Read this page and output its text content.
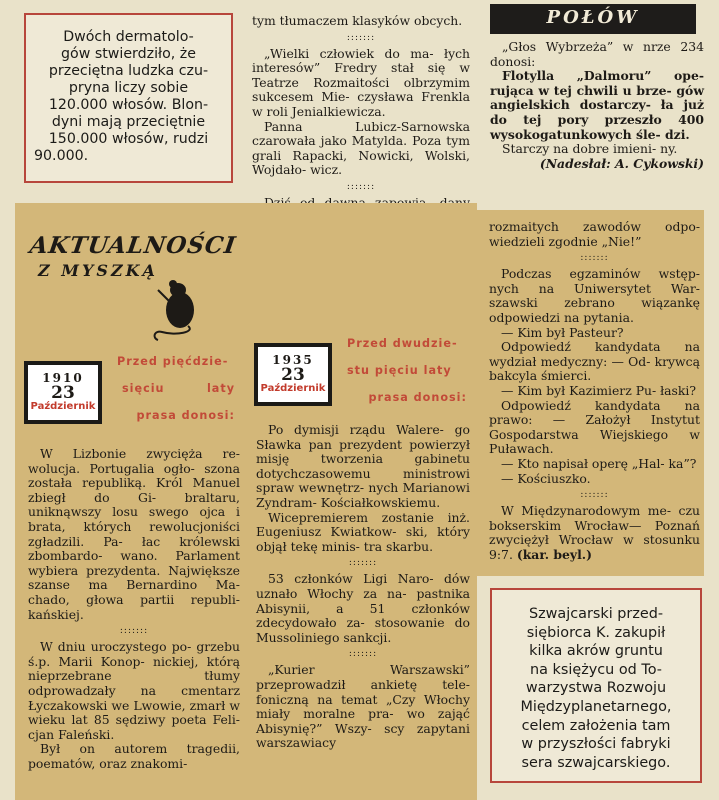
Dwóch dermatolo-
gów stwierdziło, że
przeciętna ludzka czu-
pryna liczy sobie
120.000 włosów. Blon-
dyni mają przeciętnie
150.000 włosów, rudzi
90.000.

tym tłumaczem klasyków obcych.

:::::::

„Wielki człowiek do ma- łych interesów” Fredry stał się w Teatrze Rozmaitości olbrzymim sukcesem Mie- czysława Frenkla w roli Jenialkiewicza.

Panna Lubicz-Sarnowska czarowała jako Matylda. Poza tym grali Rapacki, Nowicki, Wolski, Wojdało- wicz.

:::::::

POŁÓW

„Głos Wybrzeża” w nrze 234 donosi:

Flotylla „Dalmoru” ope- rująca w tej chwili u brze- gów angielskich dostarczy- ła już do tej pory przeszło 400 wysokogatunkowych śle- dzi.

Starczy na dobre imieni- ny.

(Nadesłał: A. Cykowski)

AKTUALNOŚCI
Z MYSZKĄ
1910
23
Październik
Przed pięćdzie-
sięciu laty
prasa donosi:
1935
23
Październik
Przed dwudzie-
stu pięciu laty
prasa donosi:

W Lizbonie zwycięża re- wolucja. Portugalia ogło- szona została republiką. Król Manuel zbiegł do Gi- braltaru, uniknąwszy losu swego ojca i brata, których rewolucjoniści zgładzili. Pa- łac królewski zbombardo- wano. Parlament wybiera prezydenta. Największe szanse ma Bernardino Ma- chado, głowa partii republi- kańskiej.

:::::::

W dniu uroczystego po- grzebu ś.p. Marii Konop- nickiej, którą nieprzebrane tłumy odprowadzały na cmentarz Łyczakowski we Lwowie, zmarł w wieku lat 85 sędziwy poeta Feli- cjan Faleński.

Był on autorem tragedii, poematów, oraz znakomi-

Po dymisji rządu Walere- go Sławka pan prezydent powierzył misję tworzenia gabinetu dotychczasowemu ministrowi spraw wewnętrz- nych Marianowi Zyndram- Kościałkowskiemu.

Wicepremierem zostanie inż. Eugeniusz Kwiatkow- ski, który objął tekę minis- tra skarbu.

:::::::

53 członków Ligi Naro- dów uznało Włochy za na- pastnika Abisynii, a 51 członków zdecydowało za- stosowanie do Mussoliniego sankcji.

:::::::

„Kurier Warszawski” przeprowadził ankietę tele- foniczną na temat „Czy Włochy miały moralne pra- wo zająć Abisynię?” Wszy- scy zapytani warszawiacy

rozmaitych zawodów odpo- wiedzieli zgodnie „Nie!”

:::::::

Podczas egzaminów wstęp- nych na Uniwersytet War- szawski zebrano wiązankę odpowiedzi na pytania.

— Kim był Pasteur?

Odpowiedź kandydata na wydział medyczny: — Od- krywcą bakcyla śmierci.

— Kim był Kazimierz Pu- łaski?

Odpowiedź kandydata na prawo: — Założył Instytut Gospodarstwa Wiejskiego w Puławach.

— Kto napisał operę „Hal- ka”?

— Kościuszko.

:::::::

W Międzynarodowym me- czu bokserskim Wrocław— Poznań zwyciężył Wrocław w stosunku 9:7. (kar. beyl.)

Szwajcarski przed-
siębiorca K. zakupił
kilka akrów gruntu
na księżycu od To-
warzystwa Rozwoju
Międzyplanetarnego,
celem założenia tam
w przyszłości fabryki
sera szwajcarskiego.
